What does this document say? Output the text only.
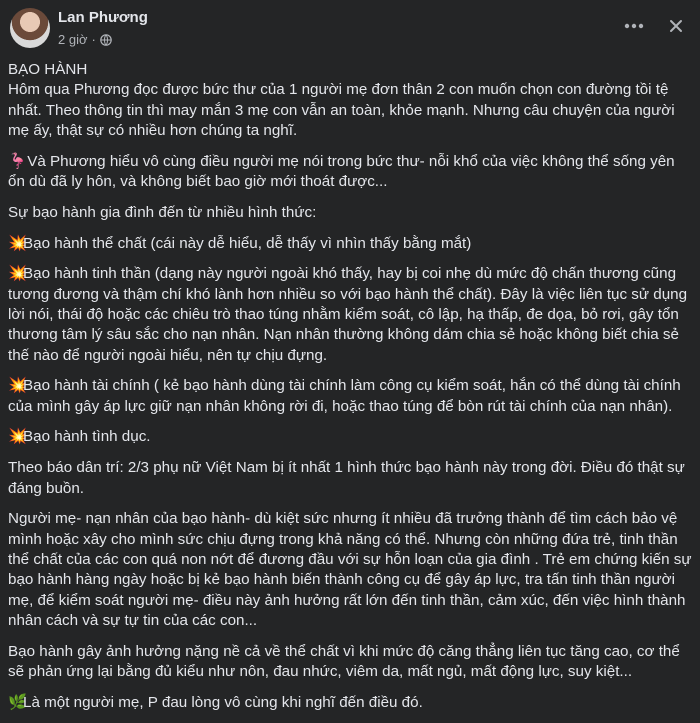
Lan Phương
2 giờ ·

BẠO HÀNH
Hôm qua Phương đọc được bức thư của 1 người mẹ đơn thân 2 con muốn chọn con đường tồi tệ nhất. Theo thông tin thì may mắn 3 mẹ con vẫn an toàn, khỏe mạnh. Nhưng câu chuyện của người mẹ ấy, thật sự có nhiều hơn chúng ta nghĩ.

🦩 Và Phương hiểu vô cùng điều người mẹ nói trong bức thư- nỗi khổ của việc không thể sống yên ổn dù đã ly hôn, và không biết bao giờ mới thoát được...

Sự bạo hành gia đình đến từ nhiều hình thức:

💥Bạo hành thể chất (cái này dễ hiểu, dễ thấy vì nhìn thấy bằng mắt)

💥Bạo hành tinh thần (dạng này người ngoài khó thấy, hay bị coi nhẹ dù mức độ chấn thương cũng tương đương và thậm chí khó lành hơn nhiều so với bạo hành thể chất). Đây là việc liên tục sử dụng lời nói, thái độ hoặc các chiêu trò thao túng nhằm kiểm soát, cô lập, hạ thấp, đe dọa, bỏ rơi, gây tổn thương tâm lý sâu sắc cho nạn nhân. Nạn nhân thường không dám chia sẻ hoặc không biết chia sẻ thế nào để người ngoài hiểu, nên tự chịu đựng.

💥Bạo hành tài chính ( kẻ bạo hành dùng tài chính làm công cụ kiểm soát, hắn có thể dùng tài chính của mình gây áp lực giữ nạn nhân không rời đi, hoặc thao túng để bòn rút tài chính của nạn nhân).

💥Bạo hành tình dục.

Theo báo dân trí: 2/3 phụ nữ Việt Nam bị ít nhất 1 hình thức bạo hành này trong đời. Điều đó thật sự đáng buồn.

Người mẹ- nạn nhân của bạo hành- dù kiệt sức nhưng ít nhiều đã trưởng thành để tìm cách bảo vệ mình hoặc xây cho mình sức chịu đựng trong khả năng có thể. Nhưng còn những đứa trẻ, tinh thần thể chất của các con quá non nớt để đương đầu với sự hỗn loạn của gia đình . Trẻ em chứng kiến sự bạo hành hàng ngày hoặc bị kẻ bạo hành biến thành công cụ để gây áp lực, tra tấn tinh thần người mẹ, để kiểm soát người mẹ- điều này ảnh hưởng rất lớn đến tinh thần, cảm xúc, đến việc hình thành nhân cách và sự tự tin của các con...

Bạo hành gây ảnh hưởng nặng nề cả về thể chất vì khi mức độ căng thẳng liên tục tăng cao, cơ thể sẽ phản ứng lại bằng đủ kiểu như nôn, đau nhức, viêm da, mất ngủ, mất động lực, suy kiệt...

🌿Là một người mẹ, P đau lòng vô cùng khi nghĩ đến điều đó.
